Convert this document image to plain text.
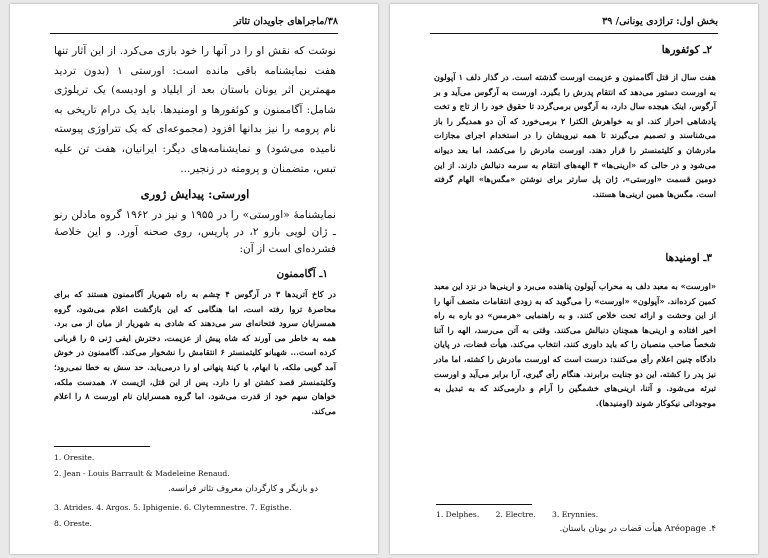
۳۸/ماجراهای جاویدان تئاتر

نوشت که نقش او را در آنها را خود بازی می‌کرد. از این آثار تنها هفت نمایشنامه باقی مانده است: اورستی ۱ (بدون تردید مهمترین اثر یونان باستان بعد از ایلیاد و اودیسه) یک تریلوژی شامل: آگاممنون و کوئفورها و اومنیدها. باید یک درام تاریخی به نام پرومه را نیز بدانها افزود (مجموعه‌ای که یک تتراوژی پیوسته نامیده می‌شود) و نمایشنامه‌های دیگر: ایرانیان، هفت تن علیه تبس، متضمنان و پرومته در زنجیر...

اورستی: پیدایش ژوری

نمایشنامهٔ «اورستی» را در ۱۹۵۵ و نیز در ۱۹۶۲ گروه مادلن رنو ـ ژان لویی بارو ۲، در پاریس، روی صحنه آورد. و این خلاصهٔ فشرده‌ای است از آن:

۱ـ آگاممنون

در کاخ آتریدها ۳ در آرگوس ۴ چشم به راه شهریار آگاممنون هستند که برای محاصرهٔ تروا رفته است، اما هنگامی که این بازگشت اعلام می‌شود، گروه همسرایان سرود فتحانه‌ای سر می‌دهند که شادی به شهریار از میان از می برد. همه به خاطر می آورند که شاه پیش از عزیمت، دخترش ایفی ژنی ۵ را قربانی کرده است... شهبانو کلیتمنستر ۶ انتقامش را نشخوار می‌کند. آگاممنون در خوش آمد گویی ملکه، با ابهام، با کینهٔ پنهانی او را درمی‌یابد. حد سش به خطا نمی‌رود؛ وکلیتمنستر قصد کشتن او را دارد. پس از این قتل، اژیست ۷، همدست ملکه، خواهان سهم خود از قدرت می‌شود. اما گروه همسرایان نام اورست ۸ را اعلام می‌کند.

1. Oresite.
2. Jean - Louis Barrault & Madeleine Renaud.
دو بازیگر و کارگردان معروف تئاتر فرانسه.
3. Atrides. 4. Argos. 5. Iphigenie. 6. Clytemnestre. 7. Egisthe.
8. Oreste.
بخش اول: تراژدی یونانی/ ۳۹
۲ـ کوئفورها

هفت سال از قتل آگاممنون و عزیمت اورست گذشته است. در گذار دلف ۱ آپولون به اورست دستور می‌دهد که انتقام پدرش را بگیرد. اورست به آرگوس می‌آید و بر آرگوس، اینک هیجده سال دارد، به آرگوس برمی‌گردد تا حقوق خود را از تاج و تخت پادشاهی احراز کند. او به خواهرش الکترا ۲ برمی‌خورد که آن دو همدیگر را باز می‌شناسند و تصمیم می‌گیرند تا همه نیرویشان را در استخدام اجرای مجازات مادرشان و کلیتمنستر را قرار دهند. اورست مادرش را می‌کشد، اما بعد دیوانه می‌شود و در حالی که «ارینی‌ها» ۳ الهه‌های انتقام به سرمه دنبالش دارند. از این دومین قسمت «اورستی»، ژان پل سارتر برای نوشتن «مگس‌ها» الهام گرفته است. مگس‌ها همین ارینی‌ها هستند.

۳ـ اومنیدها

«اورست» به معبد دلف به محراب آپولون پناهنده می‌برد و ارینی‌ها در نزد این معبد کمین کرده‌اند. «آپولون» «اورست» را می‌گوید که به زودی انتقامات متصف آنها را از این وحشت و ارائه تحت خلاص کنند. و به راهنمایی «هرمس» دو باره به راه اخیر افتاده و ارینی‌ها همچنان دنبالش می‌کنند. وقتی به آتن می‌رسد، الهه را آتنا شخصاً صاحب منصبان را که باید داوری کنند، انتخاب می‌کند. هیأت قضات، در پایان دادگاه چنین اعلام رأی می‌کنند: درست است که اورست مادرش را کشته، اما مادر نیز پدر را کشته. این دو جنایت برابرند. هنگام رأی گیری، آرا برابر می‌آید و اورست تبرئه می‌شود. و آتنا، ارینی‌های خشمگین را آرام و دارمی‌کند که به تبدیل به موجوداتی نیکوکار شوند (اومنیدها).

1. Delphes. 2. Electre. 3. Erynnies.
۴. Aréopage هیأت قضات در یونان باستان.
